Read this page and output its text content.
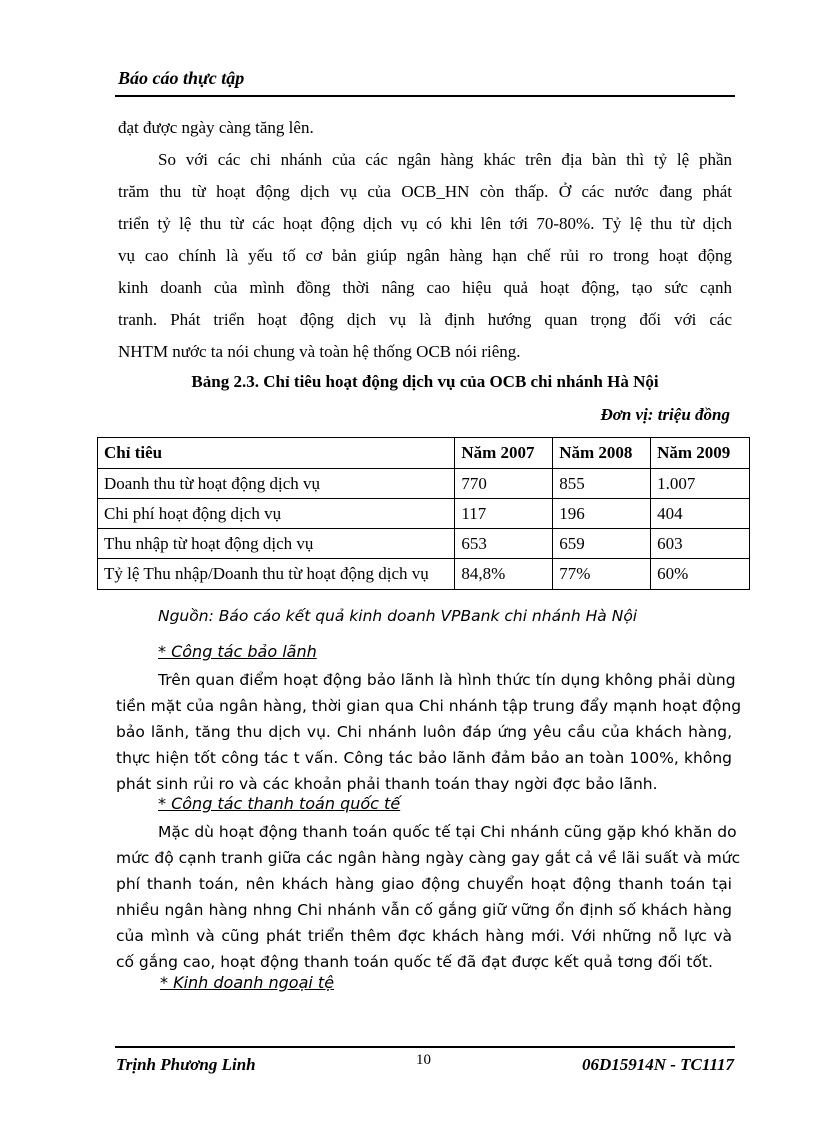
Báo cáo thực tập
đạt được ngày càng tăng lên.
So với các chi nhánh của các ngân hàng khác trên địa bàn thì tỷ lệ phần
trăm thu từ hoạt động dịch vụ của OCB_HN còn thấp. Ở các nước đang phát
triển tỷ lệ thu từ các hoạt động dịch vụ có khi lên tới 70-80%. Tỷ lệ thu từ dịch
vụ cao chính là yếu tố cơ bản giúp ngân hàng hạn chế rủi ro trong hoạt động
kinh doanh của mình đồng thời nâng cao hiệu quả hoạt động, tạo sức cạnh
tranh. Phát triển hoạt động dịch vụ là định hướng quan trọng đối với các
NHTM nước ta nói chung và toàn hệ thống OCB nói riêng.
Bảng 2.3. Chỉ tiêu hoạt động dịch vụ của OCB chi nhánh Hà Nội
Đơn vị: triệu đồng
Chỉ tiêu	Năm 2007	Năm 2008	Năm 2009
Doanh thu từ hoạt động dịch vụ	770	855	1.007
Chi phí hoạt động dịch vụ	117	196	404
Thu nhập từ hoạt động dịch vụ	653	659	603
Tỷ lệ Thu nhập/Doanh thu từ hoạt động dịch vụ	84,8%	77%	60%
Nguồn: Báo cáo kết quả kinh doanh VPBank chi nhánh Hà Nội
* Công tác bảo lãnh
Trên quan điểm hoạt động bảo lãnh là hình thức tín dụng không phải dùng
tiền mặt của ngân hàng, thời gian qua Chi nhánh tập trung đẩy mạnh hoạt động
bảo lãnh, tăng thu dịch vụ. Chi nhánh luôn đáp ứng yêu cầu của khách hàng,
thực hiện tốt công tác t vấn. Công tác bảo lãnh đảm bảo an toàn 100%, không
phát sinh rủi ro và các khoản phải thanh toán thay ngời đợc bảo lãnh.
* Công tác thanh toán quốc tế
Mặc dù hoạt động thanh toán quốc tế tại Chi nhánh cũng gặp khó khăn do
mức độ cạnh tranh giữa các ngân hàng ngày càng gay gắt cả về lãi suất và mức
phí thanh toán, nên khách hàng giao động chuyển hoạt động thanh toán tại
nhiều ngân hàng nhng Chi nhánh vẫn cố gắng giữ vững ổn định số khách hàng
của mình và cũng phát triển thêm đợc khách hàng mới. Với những nỗ lực và
cố gắng cao, hoạt động thanh toán quốc tế đã đạt được kết quả tơng đối tốt.
* Kinh doanh ngoại tệ
Trịnh Phương Linh	10	06D15914N - TC1117
